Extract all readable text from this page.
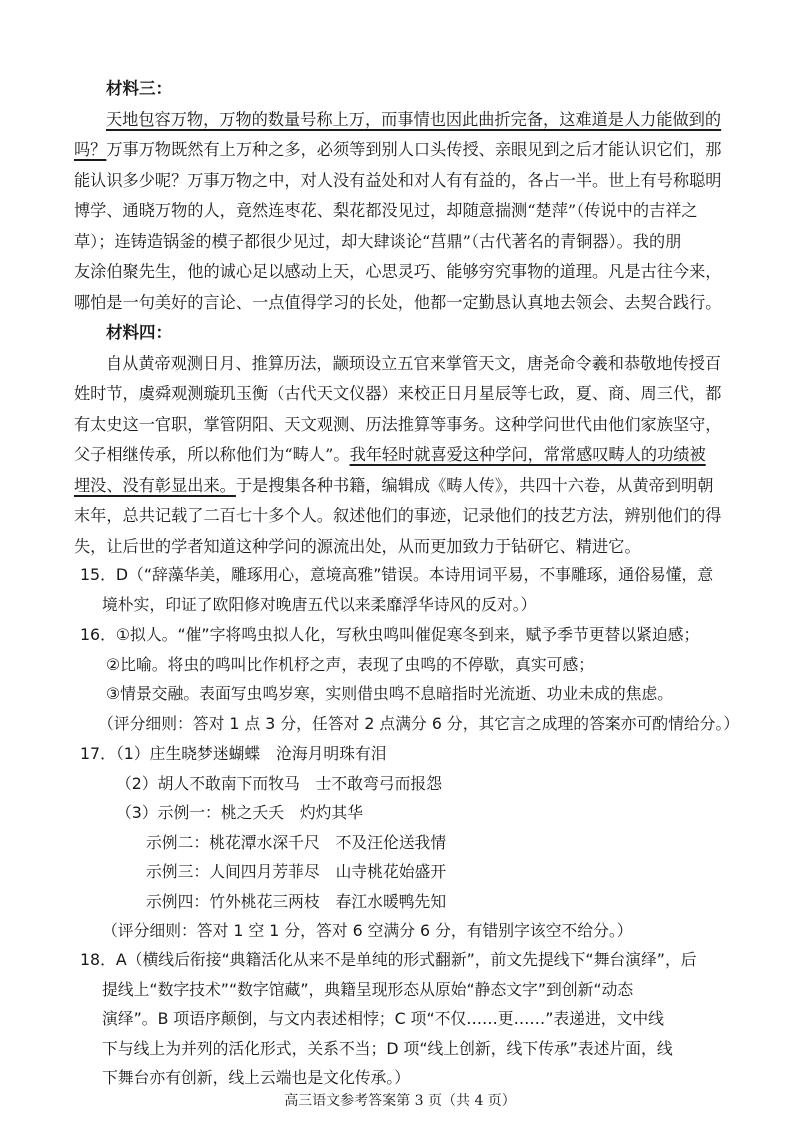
材料三：
天地包容万物，万物的数量号称上万，而事情也因此曲折完备，这难道是人力能做到的
吗？万事万物既然有上万种之多，必须等到别人口头传授、亲眼见到之后才能认识它们，那
能认识多少呢？万事万物之中，对人没有益处和对人有有益的，各占一半。世上有号称聪明
博学、通晓万物的人，竟然连枣花、梨花都没见过，却随意揣测“楚萍”（传说中的吉祥之
草）；连铸造锅釜的模子都很少见过，却大肆谈论“莒鼎”（古代著名的青铜器）。我的朋
友涂伯聚先生，他的诚心足以感动上天，心思灵巧、能够穷究事物的道理。凡是古往今来，
哪怕是一句美好的言论、一点值得学习的长处，他都一定勤恳认真地去领会、去契合践行。
材料四：
自从黄帝观测日月、推算历法，颛顼设立五官来掌管天文，唐尧命令羲和恭敬地传授百
姓时节，虞舜观测璇玑玉衡（古代天文仪器）来校正日月星辰等七政，夏、商、周三代，都
有太史这一官职，掌管阴阳、天文观测、历法推算等事务。这种学问世代由他们家族坚守，
父子相继传承，所以称他们为“畴人”。我年轻时就喜爱这种学问，常常感叹畴人的功绩被
埋没、没有彰显出来。于是搜集各种书籍，编辑成《畴人传》，共四十六卷，从黄帝到明朝
末年，总共记载了二百七十多个人。叙述他们的事迹，记录他们的技艺方法，辨别他们的得
失，让后世的学者知道这种学问的源流出处，从而更加致力于钻研它、精进它。
15．D（“辞藻华美，雕琢用心，意境高雅”错误。本诗用词平易，不事雕琢，通俗易懂，意
境朴实，印证了欧阳修对晚唐五代以来柔靡浮华诗风的反对。）
16．①拟人。“催”字将鸣虫拟人化，写秋虫鸣叫催促寒冬到来，赋予季节更替以紧迫感；
②比喻。将虫的鸣叫比作机杼之声，表现了虫鸣的不停歇，真实可感；
③情景交融。表面写虫鸣岁寒，实则借虫鸣不息暗指时光流逝、功业未成的焦虑。
（评分细则：答对 1 点 3 分，任答对 2 点满分 6 分，其它言之成理的答案亦可酌情给分。）
17．（1）庄生晓梦迷蝴蝶　沧海月明珠有泪
（2）胡人不敢南下而牧马　士不敢弯弓而报怨
（3）示例一：桃之夭夭　灼灼其华
示例二：桃花潭水深千尺　不及汪伦送我情
示例三：人间四月芳菲尽　山寺桃花始盛开
示例四：竹外桃花三两枝　春江水暖鸭先知
（评分细则：答对 1 空 1 分，答对 6 空满分 6 分，有错别字该空不给分。）
18．A（横线后衔接“典籍活化从来不是单纯的形式翻新”，前文先提线下“舞台演绎”，后
提线上“数字技术”“数字馆藏”，典籍呈现形态从原始“静态文字”到创新“动态
演绎”。B 项语序颠倒，与文内表述相悖；C 项“不仅……更……”表递进，文中线
下与线上为并列的活化形式，关系不当；D 项“线上创新，线下传承”表述片面，线
下舞台亦有创新，线上云端也是文化传承。）
高三语文参考答案第 3 页（共 4 页）
